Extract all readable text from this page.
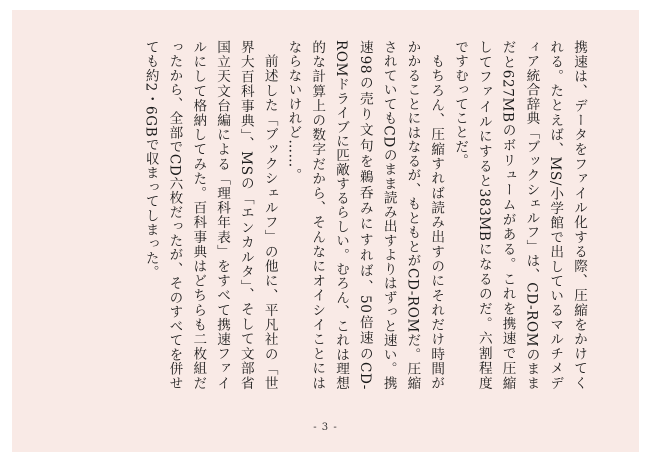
携速は、データをファイル化する際、圧縮をかけてくれる。たとえば、MS/小学館で出しているマルチメディア統合辞典「ブックシェルフ」は、CD-ROMのままだと627MBのボリュームがある。これを携速で圧縮してファイルにすると383MBになるのだ。六割程度ですむってことだ。

もちろん、圧縮すれば読み出すのにそれだけ時間がかかることにはなるが、もともとがCD-ROMだ。圧縮されていてもCDのまま読み出すよりはずっと速い。携速98の売り文句を鵜呑みにすれば、50倍速のCD-ROMドライブに匹敵するらしい。むろん、これは理想的な計算上の数字だから、そんなにオイシイことにはならないけれど……。

前述した「ブックシェルフ」の他に、平凡社の「世界大百科事典」、MSの「エンカルタ」、そして文部省国立天文台編による「理科年表」をすべて携速ファイルにして格納してみた。百科事典はどちらも二枚組だったから、全部でCD六枚だったが、そのすべてを併せても約2・6GBで収まってしまった。

- 3 -
